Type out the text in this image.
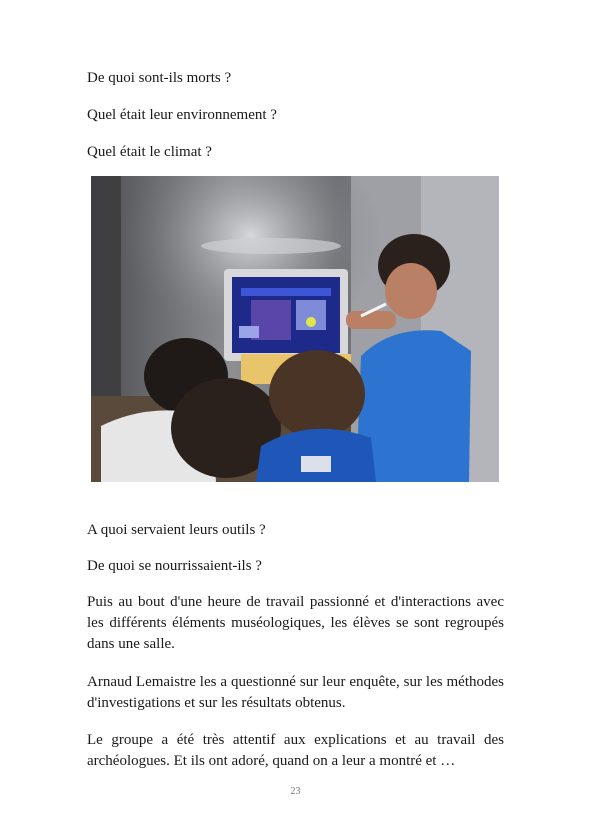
De quoi sont-ils morts ?
Quel était leur environnement ?
Quel était le climat ?
A quoi servaient leurs outils ?
De quoi se nourrissaient-ils ?
Puis au bout d'une heure de travail passionné et d'interactions avec les différents éléments muséologiques, les élèves se sont regroupés dans une salle.
Arnaud Lemaistre les a questionné sur leur enquête, sur les méthodes d'investigations et sur les résultats obtenus.
Le groupe a été très attentif aux explications et au travail des archéologues. Et ils ont adoré, quand on a leur a montré et …
23
